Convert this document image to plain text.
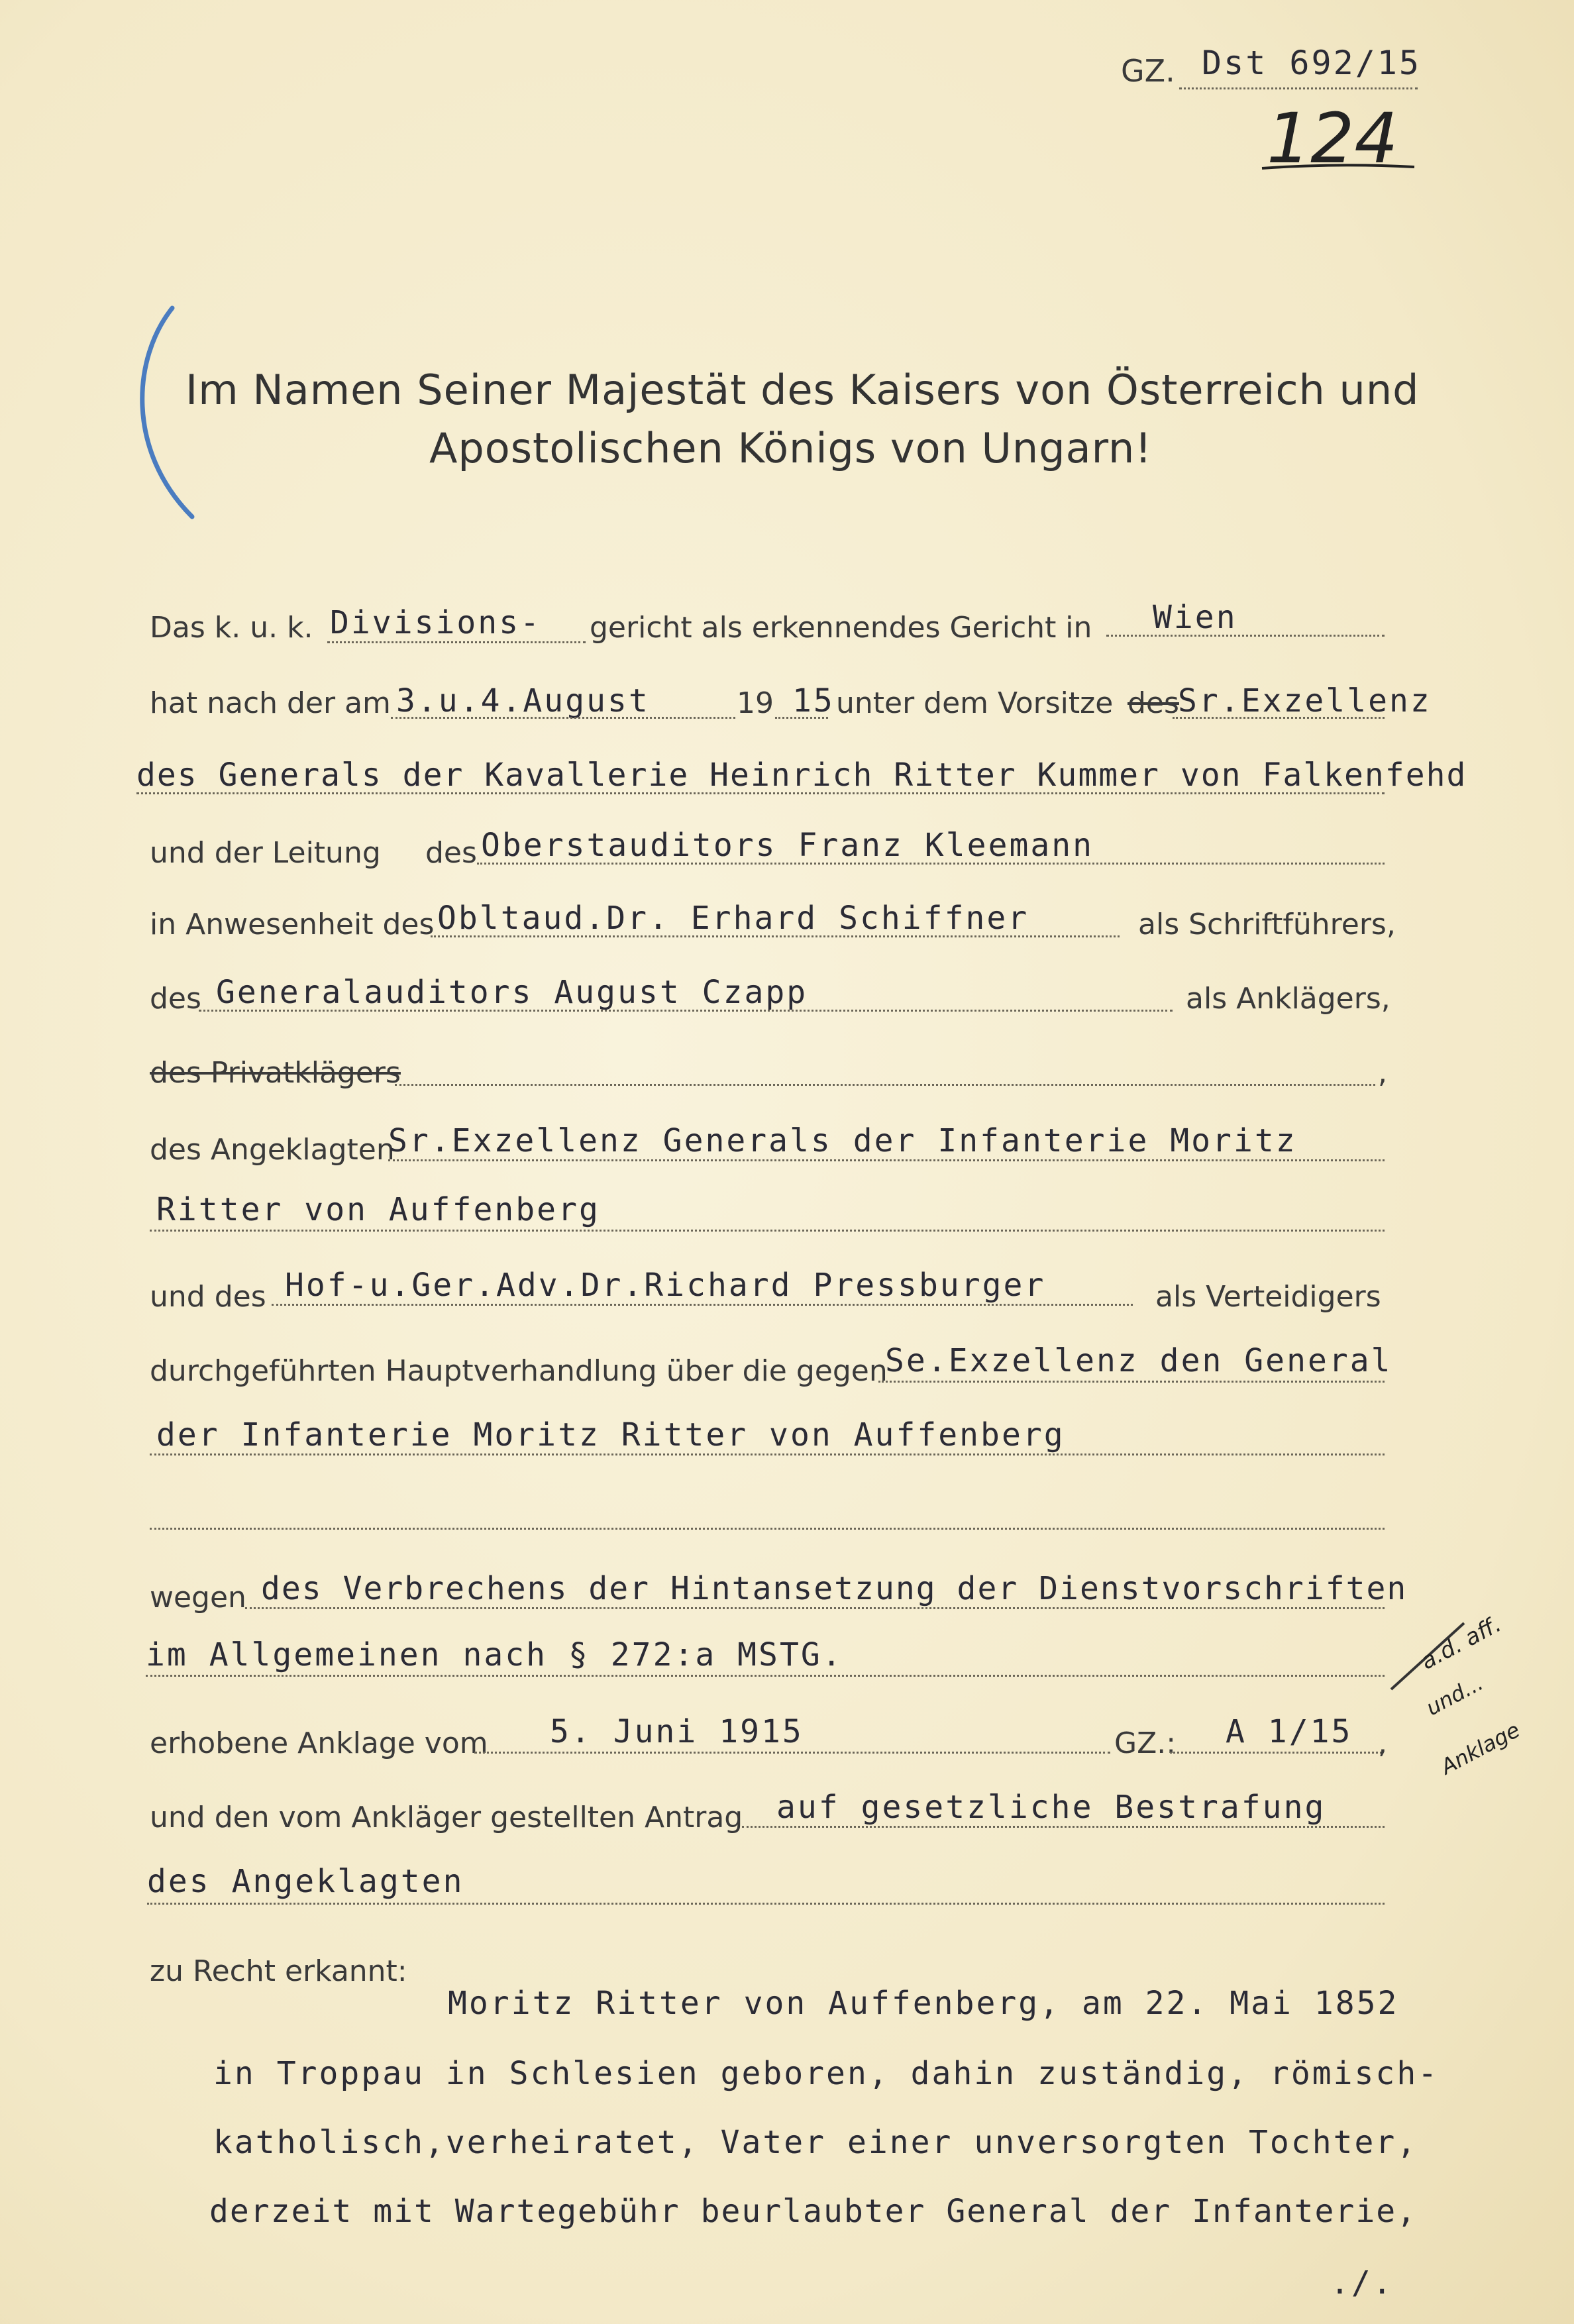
GZ. Dst 692/15
124
Im Namen Seiner Majestät des Kaisers von Österreich und
Apostolischen Königs von Ungarn!
Das k. u. k. Divisions- gericht als erkennendes Gericht in Wien
hat nach der am 3.u.4.August	19 15 unter dem Vorsitze des
Sr.Exzellenz
des Generals der Kavallerie Heinrich Ritter Kummer von Falkenfehd
und der Leitung des Oberstauditors Franz Kleemann
in Anwesenheit des Obltaud.Dr. Erhard Schiffner	als Schriftführers,
des Generalauditors August Czapp	als Anklägers,
des Privatklägers	,
des Angeklagten
Sr.Exzellenz Generals der Infanterie Moritz
Ritter von Auffenberg
und des Hof-u.Ger.Adv.Dr.Richard Pressburger	als Verteidigers
durchgeführten Hauptverhandlung über die gegen
Se.Exzellenz den General
der Infanterie Moritz Ritter von Auffenberg
wegen des Verbrechens der Hintansetzung der Dienstvorschriften
im Allgemeinen nach § 272:a MSTG.	a.d. aff.
und...
Anklage
erhobene Anklage vom 5. Juni 1915	GZ.: A 1/15 ,
und den vom Ankläger gestellten Antrag auf gesetzliche Bestrafung
des Angeklagten
zu Recht erkannt:
Moritz Ritter von Auffenberg, am 22. Mai 1852
in Troppau in Schlesien geboren, dahin zuständig, römisch-
katholisch,verheiratet, Vater einer unversorgten Tochter,
derzeit mit Wartegebühr beurlaubter General der Infanterie,
./.
